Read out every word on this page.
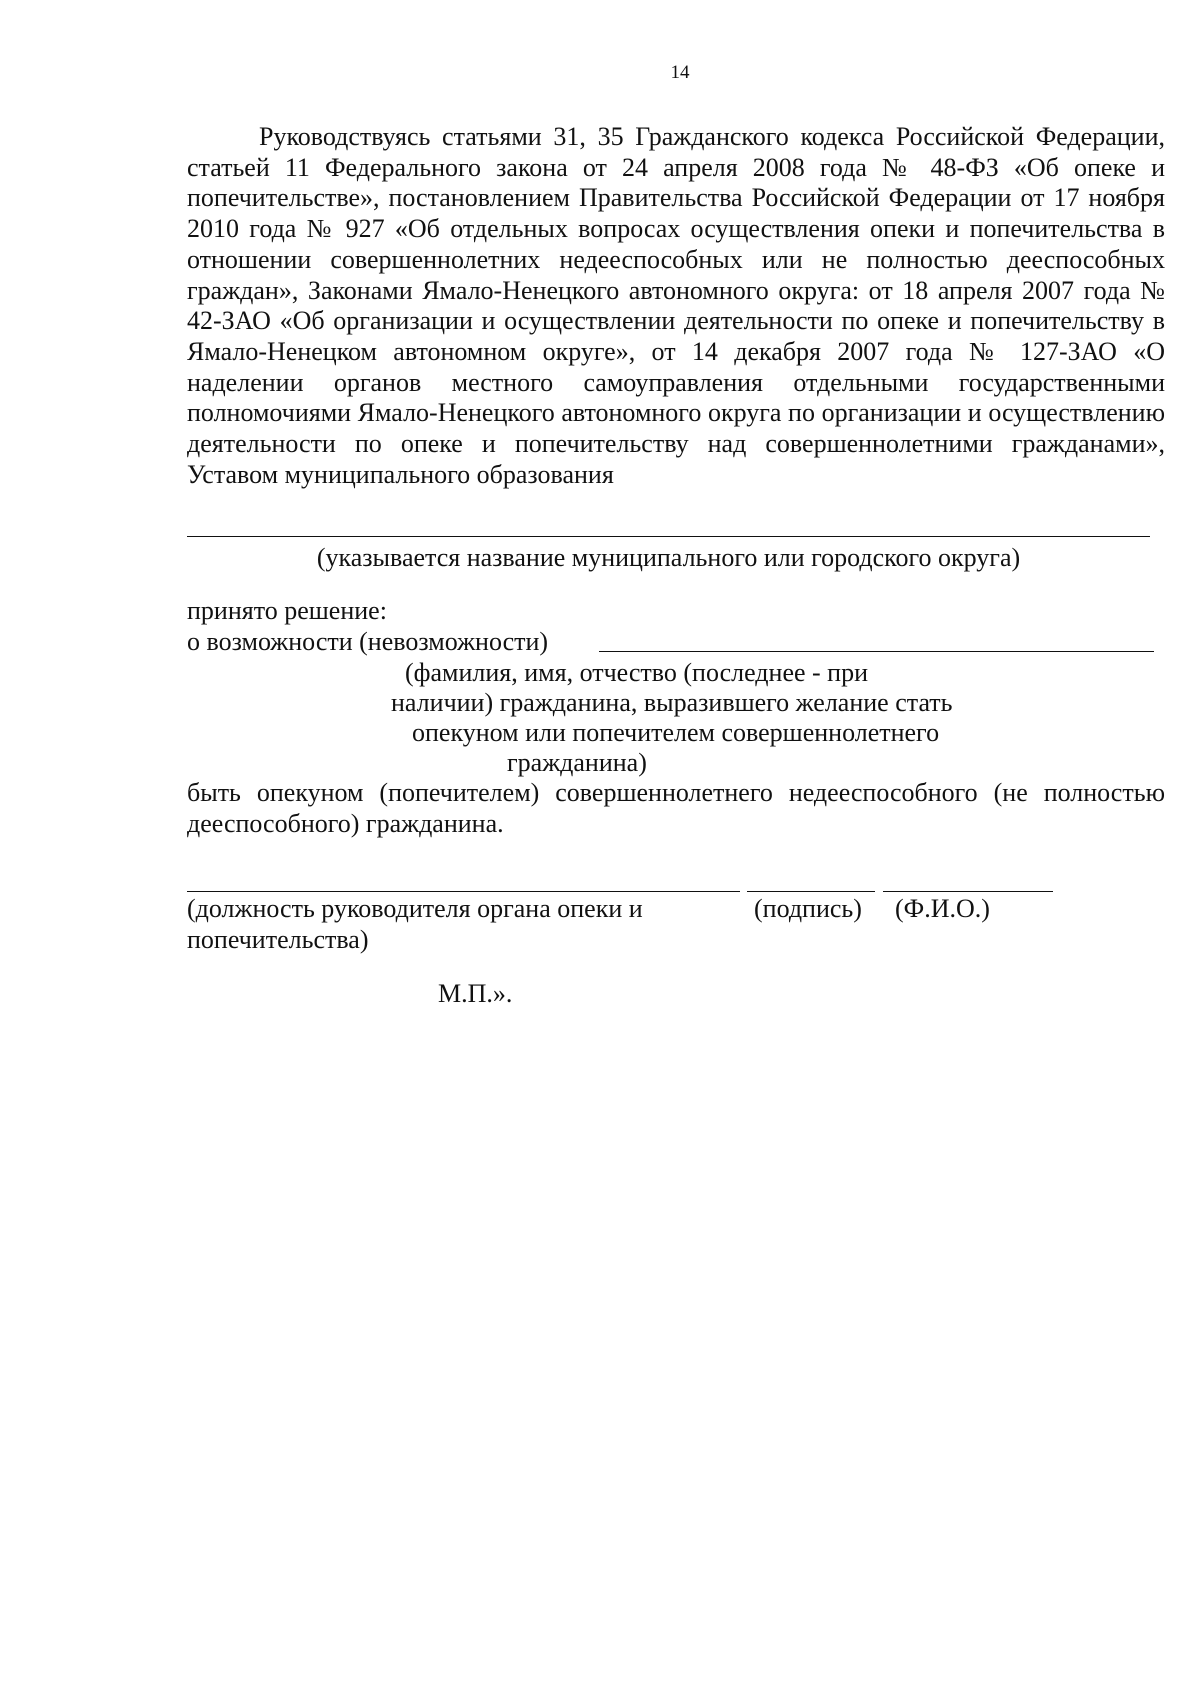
14
Руководствуясь статьями 31, 35 Гражданского кодекса Российской Федерации, статьей 11 Федерального закона от 24 апреля 2008 года № 48-ФЗ «Об опеке и попечительстве», постановлением Правительства Российской Федерации от 17 ноября 2010 года № 927 «Об отдельных вопросах осуществления опеки и попечительства в отношении совершеннолетних недееспособных или не полностью дееспособных граждан», Законами Ямало-Ненецкого автономного округа: от 18 апреля 2007 года № 42-ЗАО «Об организации и осуществлении деятельности по опеке и попечительству в Ямало-Ненецком автономном округе», от 14 декабря 2007 года № 127-ЗАО «О наделении органов местного самоуправления отдельными государственными полномочиями Ямало-Ненецкого автономного округа по организации и осуществлению деятельности по опеке и попечительству над совершеннолетними гражданами», Уставом муниципального образования
(указывается название муниципального или городского округа)
принято решение:
о возможности (невозможности)
(фамилия, имя, отчество (последнее - при
наличии) гражданина, выразившего желание стать
опекуном или попечителем совершеннолетнего
гражданина)
быть опекуном (попечителем) совершеннолетнего недееспособного (не полностью дееспособного) гражданина.
(должность руководителя органа опеки и
попечительства)
(подпись) (Ф.И.О.)
М.П.».
